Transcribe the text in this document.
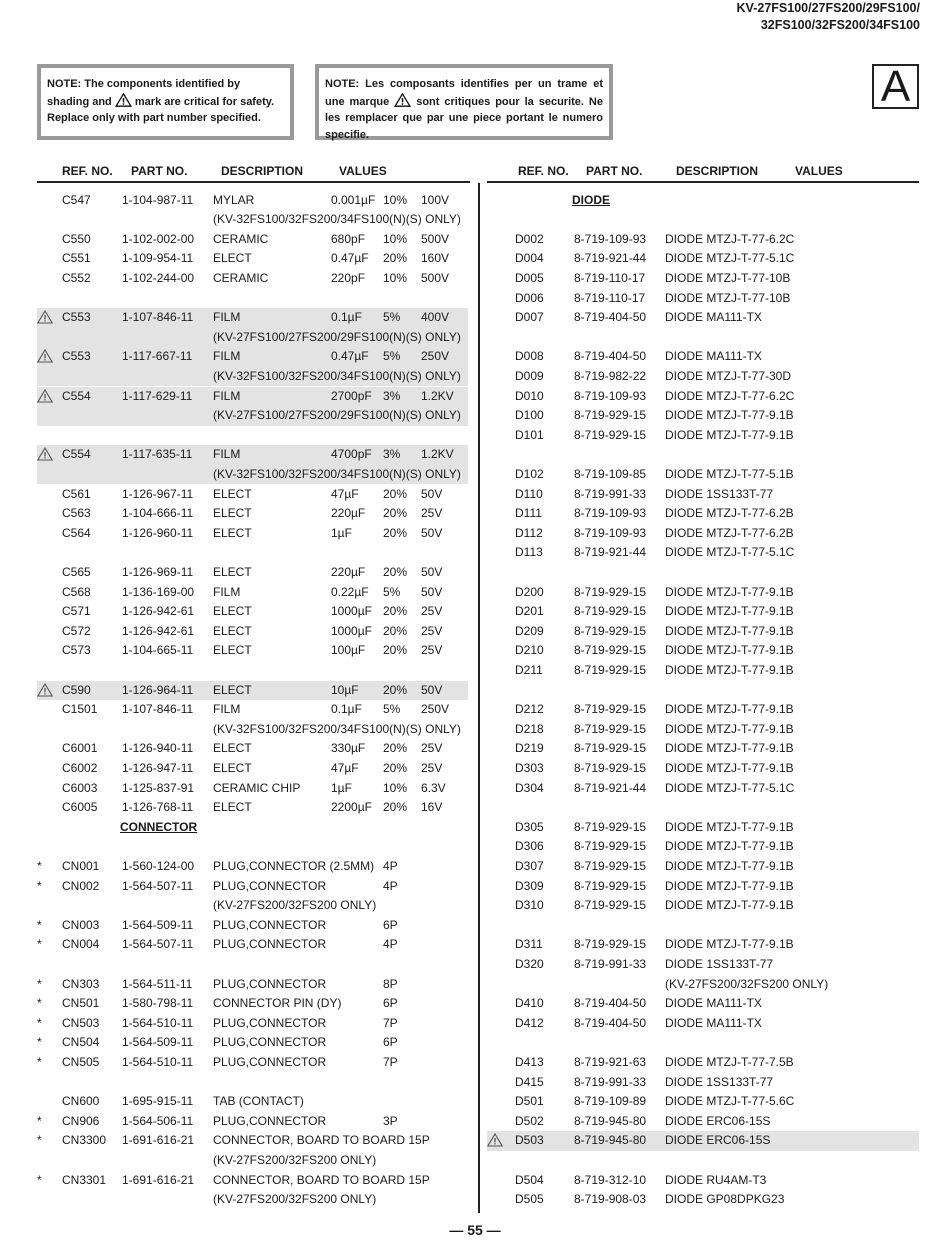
KV-27FS100/27FS200/29FS100/
32FS100/32FS200/34FS100
NOTE: The components identified by shading and mark are critical for safety. Replace only with part number specified.
NOTE: Les composants identifies per un trame et une marque sont critiques pour la securite. Ne les remplacer que par une piece portant le numero specifie.
A
REF. NO. PART NO.	DESCRIPTION	VALUES	REF. NO. PART NO.	DESCRIPTION	VALUES
C547	1-104-987-11 MYLAR	0.001µF 10% 100V
(KV-32FS100/32FS200/34FS100(N)(S) ONLY)
C550	1-102-002-00 CERAMIC	680pF 10% 500V
C551	1-109-954-11 ELECT	0.47µF 20% 160V
C552	1-102-244-00 CERAMIC	220pF 10% 500V
C553	1-107-846-11 FILM	0.1µF 5% 400V
(KV-27FS100/27FS200/29FS100(N)(S) ONLY)
C553	1-117-667-11 FILM	0.47µF 5% 250V
(KV-32FS100/32FS200/34FS100(N)(S) ONLY)
C554	1-117-629-11 FILM	2700pF 3% 1.2KV
(KV-27FS100/27FS200/29FS100(N)(S) ONLY)
C554	1-117-635-11 FILM	4700pF 3% 1.2KV
(KV-32FS100/32FS200/34FS100(N)(S) ONLY)
C561	1-126-967-11 ELECT	47µF 20% 50V
C563	1-104-666-11 ELECT	220µF 20% 25V
C564	1-126-960-11 ELECT	1µF	20% 50V
C565	1-126-969-11 ELECT	220µF 20% 50V
C568	1-136-169-00 FILM	0.22µF 5% 50V
C571	1-126-942-61 ELECT	1000µF 20% 25V
C572	1-126-942-61 ELECT	1000µF 20% 25V
C573	1-104-665-11 ELECT	100µF 20% 25V
C590	1-126-964-11 ELECT	10µF 20% 50V
C1501 1-107-846-11 FILM	0.1µF 5% 250V
(KV-32FS100/32FS200/34FS100(N)(S) ONLY)
C6001 1-126-940-11 ELECT	330µF 20% 25V
C6002 1-126-947-11 ELECT	47µF 20% 25V
C6003 1-125-837-91 CERAMIC CHIP	1µF	10% 6.3V
C6005 1-126-768-11 ELECT	2200µF 20% 16V
CONNECTOR
* CN001 1-560-124-00 PLUG,CONNECTOR (2.5MM) 4P
* CN002 1-564-507-11 PLUG,CONNECTOR	4P
(KV-27FS200/32FS200 ONLY)
* CN003 1-564-509-11 PLUG,CONNECTOR	6P
* CN004 1-564-507-11 PLUG,CONNECTOR	4P
* CN303 1-564-511-11 PLUG,CONNECTOR	8P
* CN501 1-580-798-11 CONNECTOR PIN (DY)	6P
* CN503 1-564-510-11 PLUG,CONNECTOR	7P
* CN504 1-564-509-11 PLUG,CONNECTOR	6P
* CN505 1-564-510-11 PLUG,CONNECTOR	7P
CN600 1-695-915-11 TAB (CONTACT)
* CN906 1-564-506-11 PLUG,CONNECTOR	3P
* CN3300 1-691-616-21 CONNECTOR, BOARD TO BOARD 15P
(KV-27FS200/32FS200 ONLY)
* CN3301 1-691-616-21 CONNECTOR, BOARD TO BOARD 15P
(KV-27FS200/32FS200 ONLY)
DIODE
D002	8-719-109-93 DIODE MTZJ-T-77-6.2C
D004	8-719-921-44 DIODE MTZJ-T-77-5.1C
D005	8-719-110-17 DIODE MTZJ-T-77-10B
D006	8-719-110-17 DIODE MTZJ-T-77-10B
D007	8-719-404-50 DIODE MA111-TX
D008	8-719-404-50 DIODE MA111-TX
D009	8-719-982-22 DIODE MTZJ-T-77-30D
D010	8-719-109-93 DIODE MTZJ-T-77-6.2C
D100	8-719-929-15 DIODE MTZJ-T-77-9.1B
D101	8-719-929-15 DIODE MTZJ-T-77-9.1B
D102	8-719-109-85 DIODE MTZJ-T-77-5.1B
D110	8-719-991-33 DIODE 1SS133T-77
D111	8-719-109-93 DIODE MTZJ-T-77-6.2B
D112	8-719-109-93 DIODE MTZJ-T-77-6.2B
D113	8-719-921-44 DIODE MTZJ-T-77-5.1C
D200	8-719-929-15 DIODE MTZJ-T-77-9.1B
D201	8-719-929-15 DIODE MTZJ-T-77-9.1B
D209	8-719-929-15 DIODE MTZJ-T-77-9.1B
D210	8-719-929-15 DIODE MTZJ-T-77-9.1B
D211	8-719-929-15 DIODE MTZJ-T-77-9.1B
D212	8-719-929-15 DIODE MTZJ-T-77-9.1B
D218	8-719-929-15 DIODE MTZJ-T-77-9.1B
D219	8-719-929-15 DIODE MTZJ-T-77-9.1B
D303	8-719-929-15 DIODE MTZJ-T-77-9.1B
D304	8-719-921-44 DIODE MTZJ-T-77-5.1C
D305	8-719-929-15 DIODE MTZJ-T-77-9.1B
D306	8-719-929-15 DIODE MTZJ-T-77-9.1B
D307	8-719-929-15 DIODE MTZJ-T-77-9.1B
D309	8-719-929-15 DIODE MTZJ-T-77-9.1B
D310	8-719-929-15 DIODE MTZJ-T-77-9.1B
D311	8-719-929-15 DIODE MTZJ-T-77-9.1B
D320	8-719-991-33 DIODE 1SS133T-77
(KV-27FS200/32FS200 ONLY)
D410	8-719-404-50 DIODE MA111-TX
D412	8-719-404-50 DIODE MA111-TX
D413	8-719-921-63 DIODE MTZJ-T-77-7.5B
D415	8-719-991-33 DIODE 1SS133T-77
D501	8-719-109-89 DIODE MTZJ-T-77-5.6C
D502	8-719-945-80 DIODE ERC06-15S
D503	8-719-945-80 DIODE ERC06-15S
D504	8-719-312-10 DIODE RU4AM-T3
D505	8-719-908-03 DIODE GP08DPKG23
— 55 —
